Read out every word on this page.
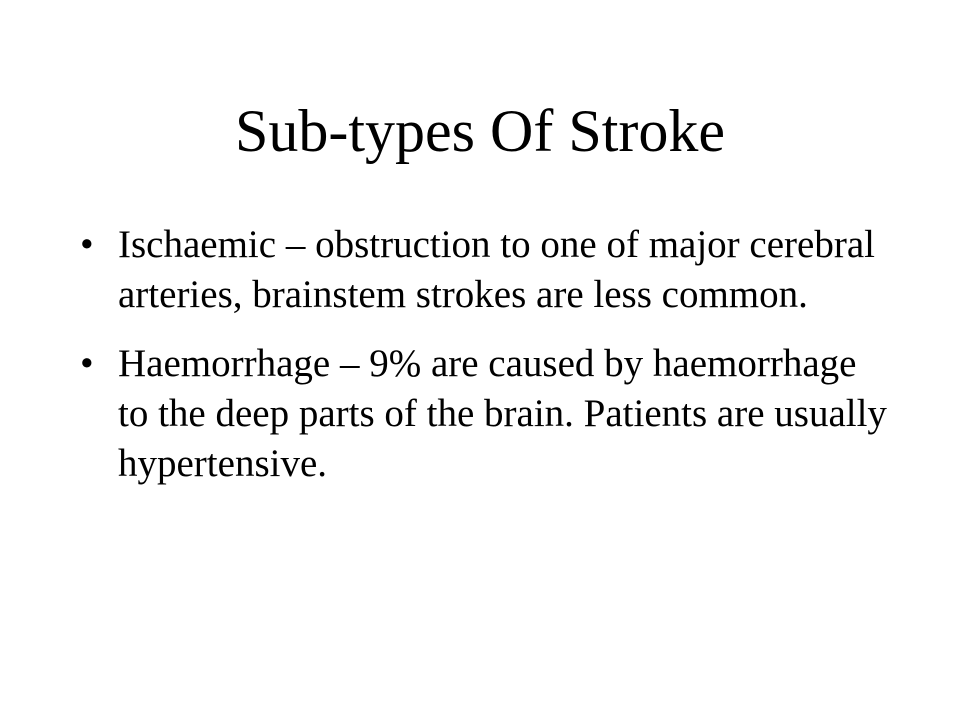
Sub-types Of Stroke
• Ischaemic – obstruction to one of major cerebral arteries, brainstem strokes are less common.
• Haemorrhage – 9% are caused by haemorrhage to the deep parts of the brain. Patients are usually hypertensive.
